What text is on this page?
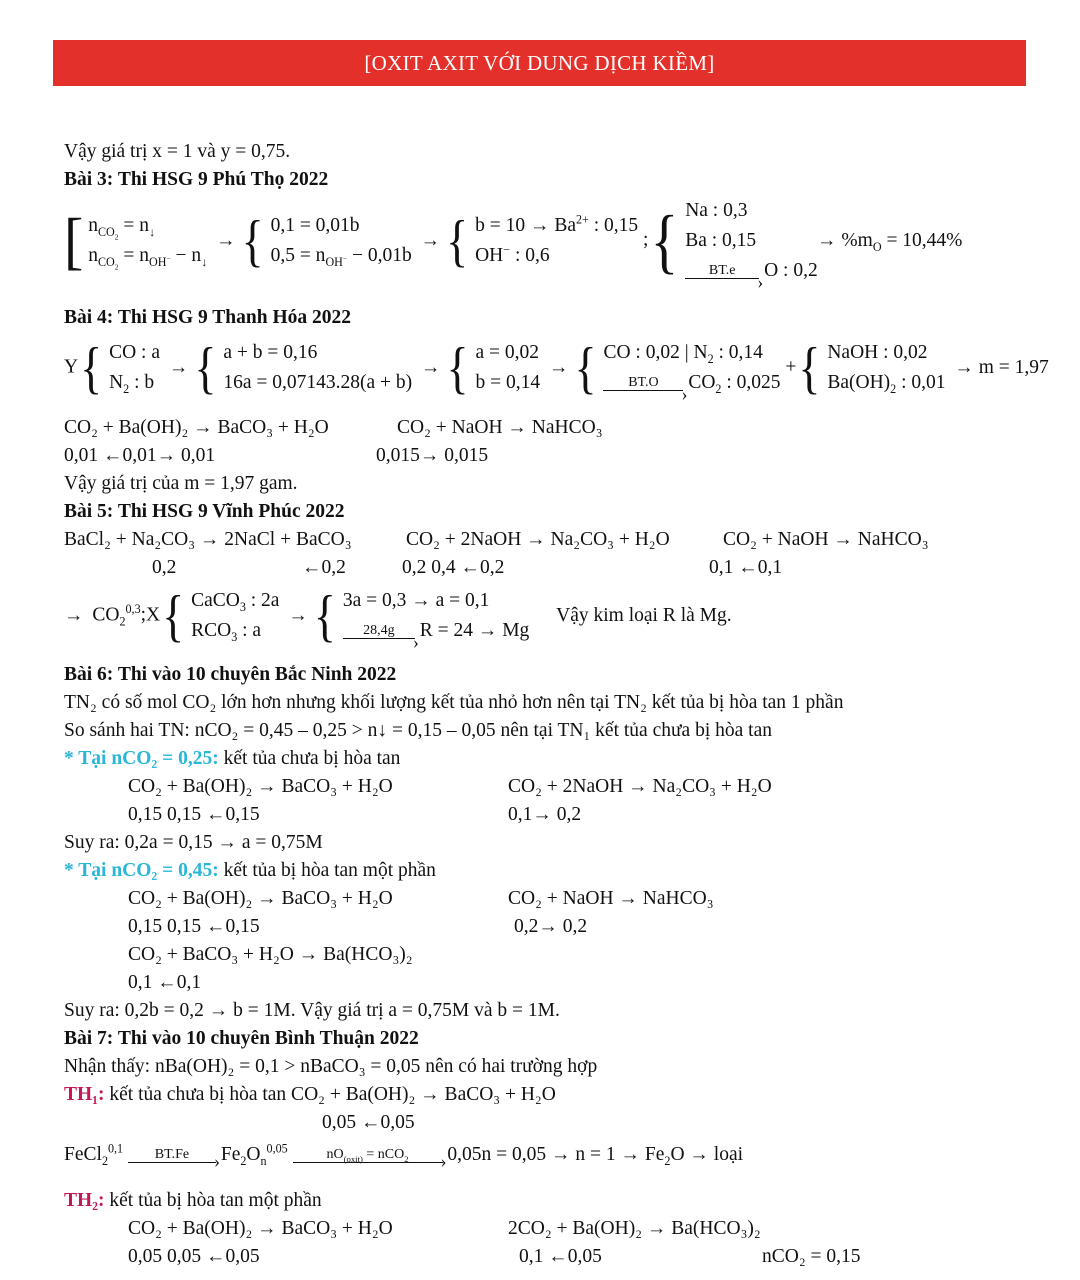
[OXIT AXIT VỚI DUNG DỊCH KIỀM]
Vậy giá trị x = 1 và y = 0,75.
Bài 3: Thi HSG 9 Phú Thọ 2022
[ $n_{CO_2} = n_↓$
$n_{CO_2} = n_{OH^-} - n_↓$
→ { 0,1 = 0,01b
$0,5 = n_{OH^-} - 0,01b$
→ { $b = 10 \to Ba^{2+}$ : 0,15
OH− : 0,6
;{ Na : 0,3
Ba : 0,15	→ $\%m_O = 10,44\%$
BT.e ›	O : 0,2
Bài 4: Thi HSG 9 Thanh Hóa 2022
Y{ CO : a
$N_2$ : b
→ { a + b = 0,16
16a = 0,07143.28(a + b)
→ { a = 0,02
b = 0,14
→ { CO : 0,02 | $N_2$ : 0,14
BT.O ›	$CO_2$ : 0,025
+{ NaOH : 0,02
$Ba(OH)_2$ : 0,01
→ m = 1,97
CO₂ + Ba(OH)₂ → BaCO₃ + H₂O	CO₂ + NaOH → NaHCO₃
0,01 ←0,01→ 0,01	0,015→ 0,015
Vậy giá trị của m = 1,97 gam.
Bài 5: Thi HSG 9 Vĩnh Phúc 2022
BaCl₂ + Na₂CO₃ → 2NaCl + BaCO₃	CO₂ + 2NaOH → Na₂CO₃ + H₂O	CO₂ + NaOH → NaHCO₃
0,2	←0,2	0,2 0,4 ←0,2	0,1 ←0,1
→ $CO_2^{0,3};X${ CaCO$_3$ : 2a
$RCO_3$ : a
→ { 3a = 0,3 → a = 0,1
28,4g ›	R = 24 → Mg
Vậy kim loại R là Mg.
Bài 6: Thi vào 10 chuyên Bắc Ninh 2022
TN₂ có số mol CO₂ lớn hơn nhưng khối lượng kết tủa nhỏ hơn nên tại TN₂ kết tủa bị hòa tan 1 phần
So sánh hai TN: nCO₂ = 0,45 – 0,25 > n↓ = 0,15 – 0,05 nên tại TN₁ kết tủa chưa bị hòa tan
* Tại nCO₂ = 0,25: kết tủa chưa bị hòa tan
CO₂ + Ba(OH)₂ → BaCO₃ + H₂O	CO₂ + 2NaOH → Na₂CO₃ + H₂O
0,15 0,15 ←0,15	0,1→ 0,2
Suy ra: 0,2a = 0,15 → a = 0,75M
* Tại nCO₂ = 0,45: kết tủa bị hòa tan một phần
CO₂ + Ba(OH)₂ → BaCO₃ + H₂O	CO₂ + NaOH → NaHCO₃
0,15 0,15 ←0,15	0,2→ 0,2
CO₂ + BaCO₃ + H₂O → Ba(HCO₃)₂
0,1 ←0,1
Suy ra: 0,2b = 0,2 → b = 1M. Vậy giá trị a = 0,75M và b = 1M.
Bài 7: Thi vào 10 chuyên Bình Thuận 2022
Nhận thấy: nBa(OH)₂ = 0,1 > nBaCO₃ = 0,05 nên có hai trường hợp
TH₁: kết tủa chưa bị hòa tan CO₂ + Ba(OH)₂ → BaCO₃ + H₂O
0,05 ←0,05
FeCl$_2^{0,1}$	BT.Fe ›	$Fe_2O_n^{0,05}$	$nO_{(oxit)} = nCO_2$ ›	$0,05n = 0,05 \to n = 1 \to Fe_2O$ → loại
TH₂: kết tủa bị hòa tan một phần
CO₂ + Ba(OH)₂ → BaCO₃ + H₂O	2CO₂ + Ba(OH)₂ → Ba(HCO₃)₂
0,05 0,05 ←0,05	0,1 ←0,05	nCO₂ = 0,15
